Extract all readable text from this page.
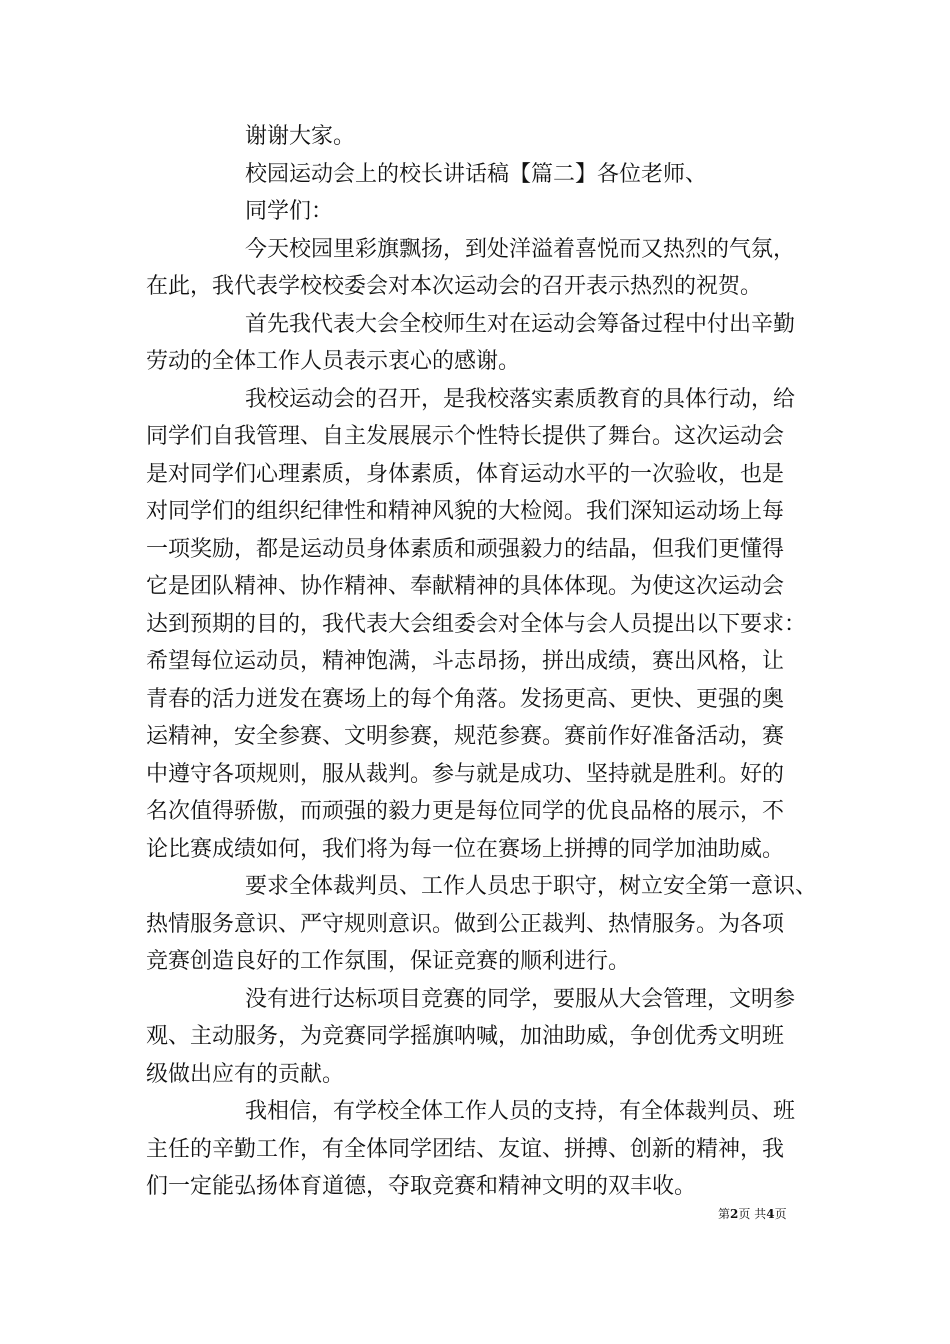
谢谢大家。
校园运动会上的校长讲话稿【篇二】各位老师、
同学们：
今天校园里彩旗飘扬，到处洋溢着喜悦而又热烈的气氛，
在此，我代表学校校委会对本次运动会的召开表示热烈的祝贺。
首先我代表大会全校师生对在运动会筹备过程中付出辛勤
劳动的全体工作人员表示衷心的感谢。
我校运动会的召开，是我校落实素质教育的具体行动，给
同学们自我管理、自主发展展示个性特长提供了舞台。这次运动会
是对同学们心理素质，身体素质，体育运动水平的一次验收，也是
对同学们的组织纪律性和精神风貌的大检阅。我们深知运动场上每
一项奖励，都是运动员身体素质和顽强毅力的结晶，但我们更懂得
它是团队精神、协作精神、奉献精神的具体体现。为使这次运动会
达到预期的目的，我代表大会组委会对全体与会人员提出以下要求：
希望每位运动员，精神饱满，斗志昂扬，拼出成绩，赛出风格，让
青春的活力迸发在赛场上的每个角落。发扬更高、更快、更强的奥
运精神，安全参赛、文明参赛，规范参赛。赛前作好准备活动，赛
中遵守各项规则，服从裁判。参与就是成功、坚持就是胜利。好的
名次值得骄傲，而顽强的毅力更是每位同学的优良品格的展示，不
论比赛成绩如何，我们将为每一位在赛场上拼搏的同学加油助威。
要求全体裁判员、工作人员忠于职守，树立安全第一意识、
热情服务意识、严守规则意识。做到公正裁判、热情服务。为各项
竞赛创造良好的工作氛围，保证竞赛的顺利进行。
没有进行达标项目竞赛的同学，要服从大会管理，文明参
观、主动服务，为竞赛同学摇旗呐喊，加油助威，争创优秀文明班
级做出应有的贡献。
我相信，有学校全体工作人员的支持，有全体裁判员、班
主任的辛勤工作，有全体同学团结、友谊、拼搏、创新的精神，我
们一定能弘扬体育道德，夺取竞赛和精神文明的双丰收。
第2页 共4页
